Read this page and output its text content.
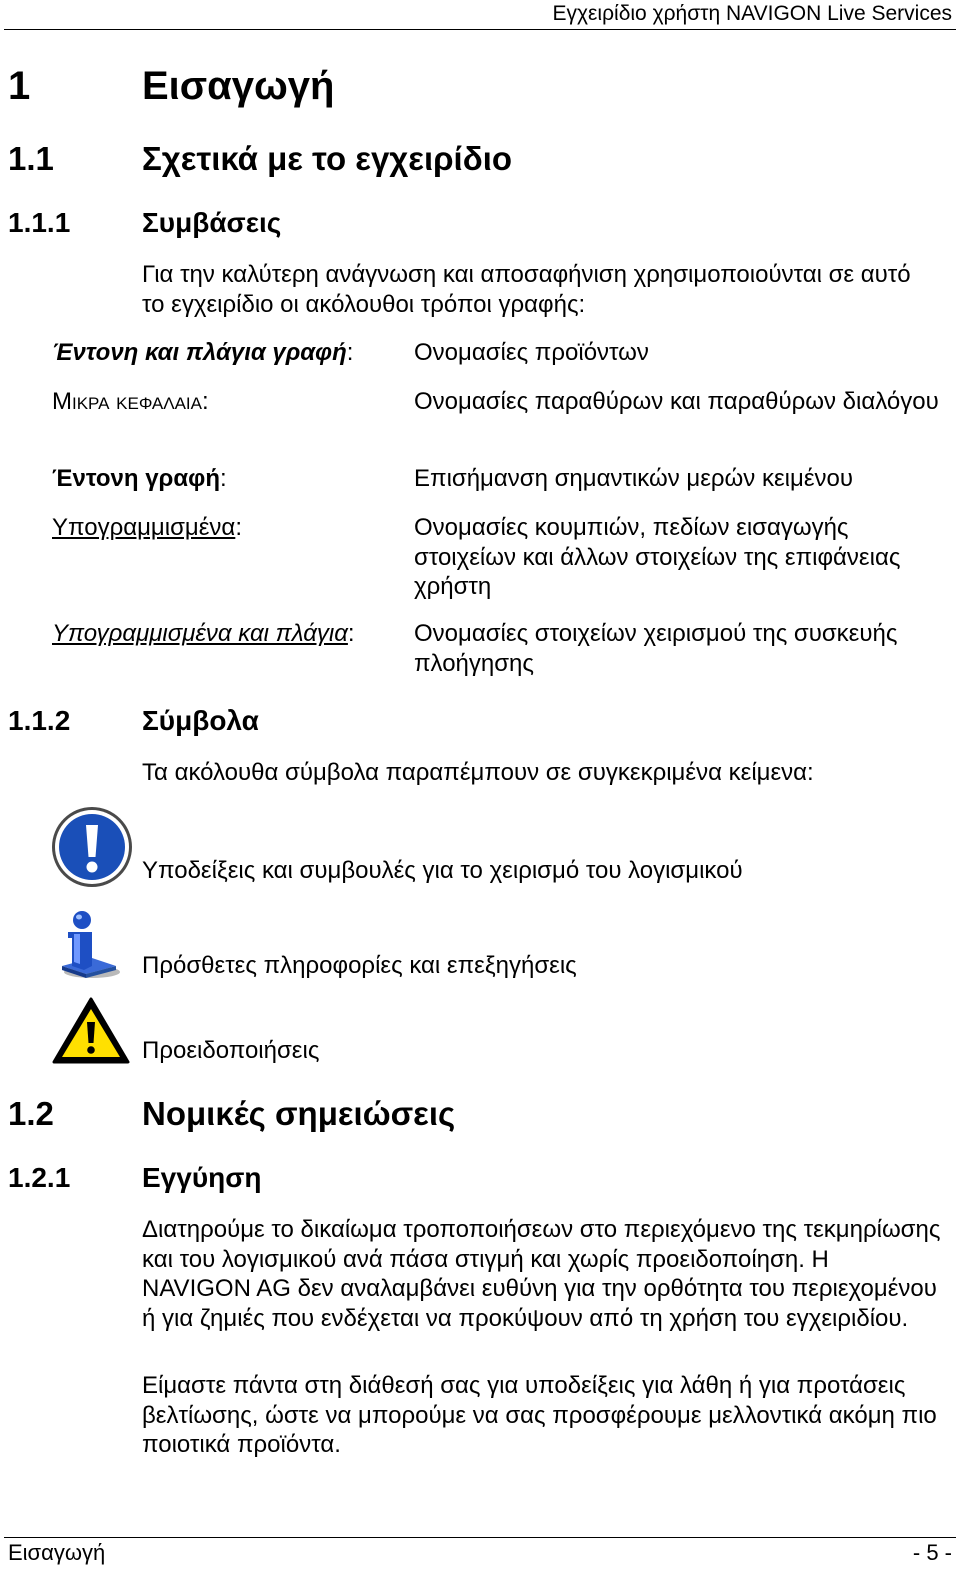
Εγχειρίδιο χρήστη NAVIGON Live Services
1	Εισαγωγή
1.1	Σχετικά με το εγχειρίδιο
1.1.1	Συμβάσεις
Για την καλύτερη ανάγνωση και αποσαφήνιση χρησιμοποιούνται σε αυτό το εγχειρίδιο οι ακόλουθοι τρόποι γραφής:
Έντονη και πλάγια γραφή:	Ονομασίες προϊόντων
Μικρα κεφαλαια:	Ονομασίες παραθύρων και παραθύρων διαλόγου
Έντονη γραφή:	Επισήμανση σημαντικών μερών κειμένου
Υπογραμμισμένα:	Ονομασίες κουμπιών, πεδίων εισαγωγής στοιχείων και άλλων στοιχείων της επιφάνειας χρήστη
Υπογραμμισμένα και πλάγια: Ονομασίες στοιχείων χειρισμού της συσκευής πλοήγησης
1.1.2	Σύμβολα
Τα ακόλουθα σύμβολα παραπέμπουν σε συγκεκριμένα κείμενα:
Υποδείξεις και συμβουλές για το χειρισμό του λογισμικού
Πρόσθετες πληροφορίες και επεξηγήσεις
Προειδοποιήσεις
1.2	Νομικές σημειώσεις
1.2.1	Εγγύηση
Διατηρούμε το δικαίωμα τροποποιήσεων στο περιεχόμενο της τεκμηρίωσης και του λογισμικού ανά πάσα στιγμή και χωρίς προειδοποίηση. Η NAVIGON AG δεν αναλαμβάνει ευθύνη για την ορθότητα του περιεχομένου ή για ζημιές που ενδέχεται να προκύψουν από τη χρήση του εγχειριδίου.
Είμαστε πάντα στη διάθεσή σας για υποδείξεις για λάθη ή για προτάσεις βελτίωσης, ώστε να μπορούμε να σας προσφέρουμε μελλοντικά ακόμη πιο ποιοτικά προϊόντα.
Εισαγωγή	- 5 -
